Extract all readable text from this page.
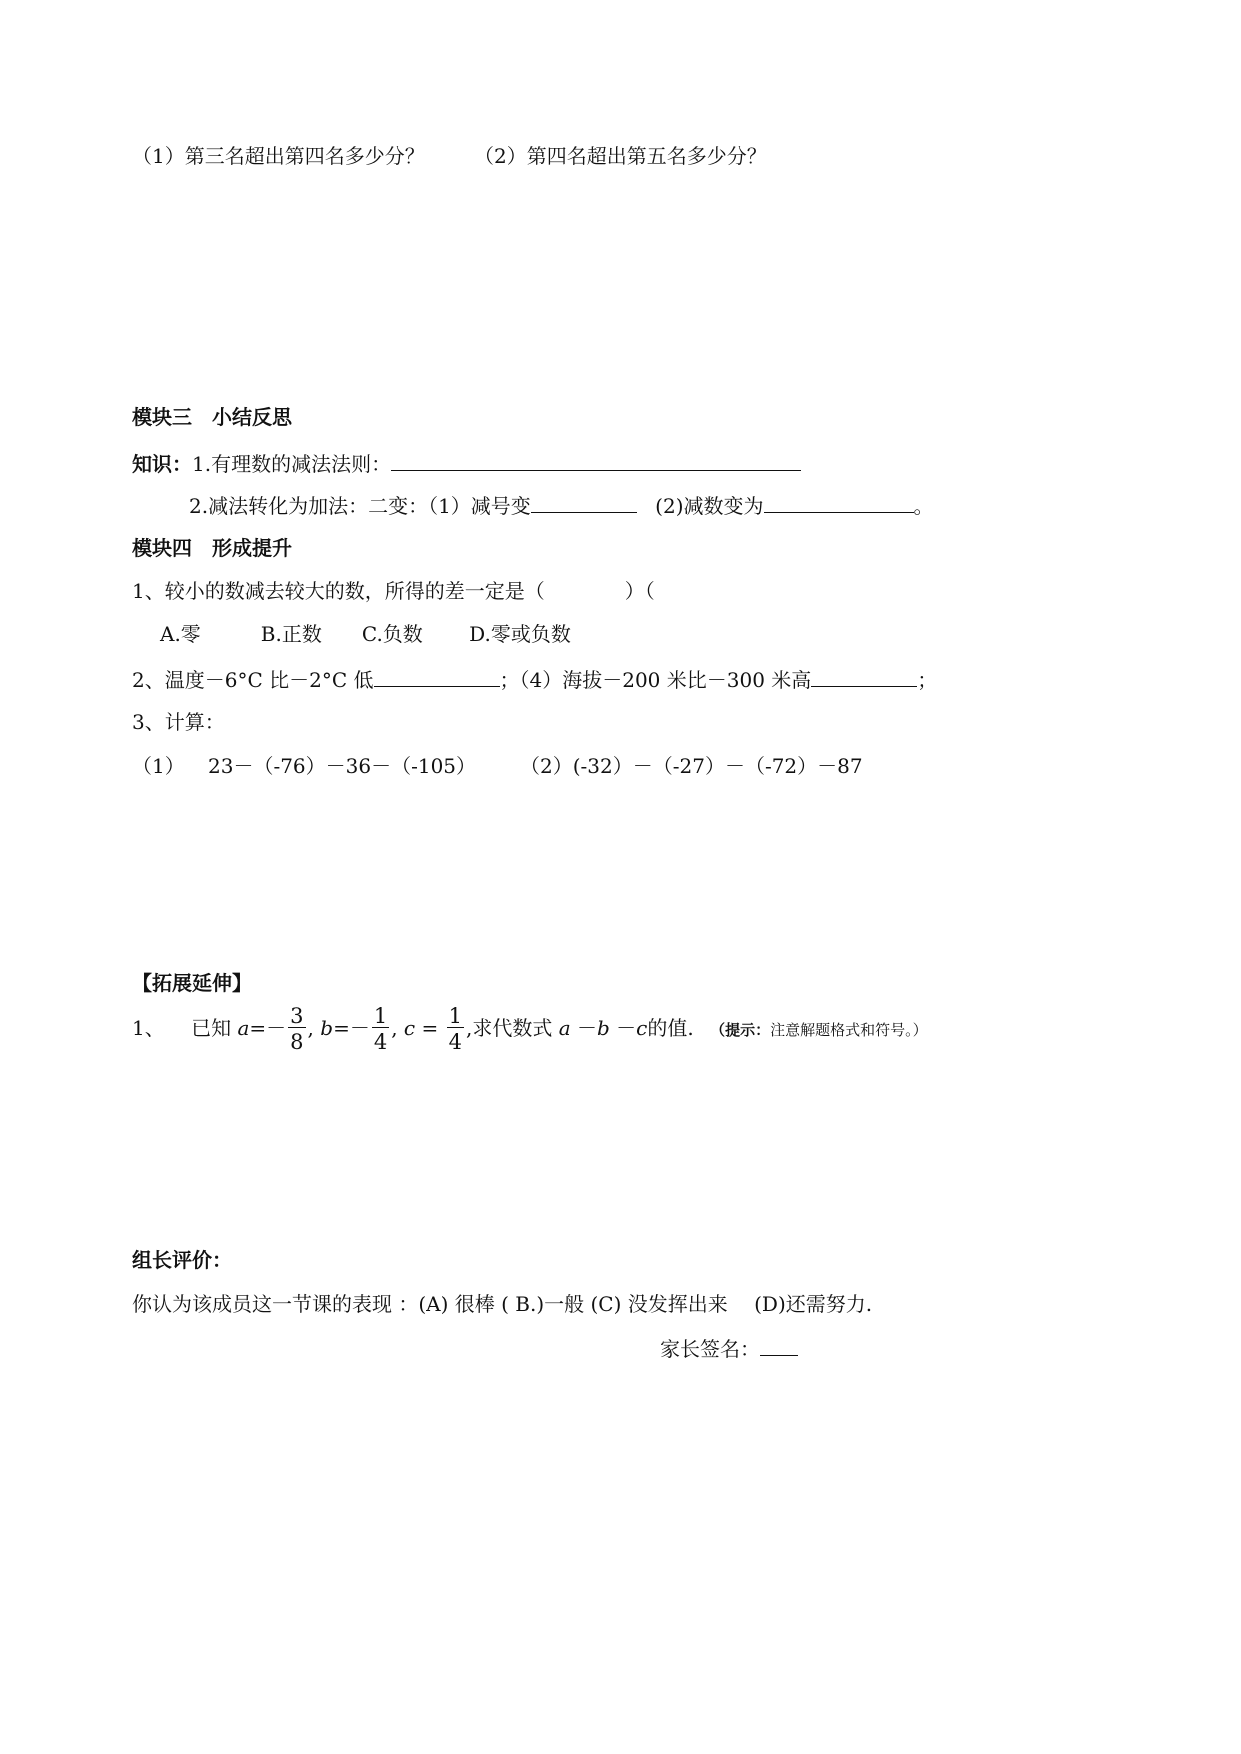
（1）第三名超出第四名多少分？ （2）第四名超出第五名多少分？
模块三　小结反思
知识：1.有理数的减法法则：
2.减法转化为加法：二变：（1）减号变	(2)减数变为	。
模块四　形成提升
1、较小的数减去较大的数，所得的差一定是（　　　　）（
A.零　　　B.正数　　C.负数　　 D.零或负数
2、温度－6°C 比－2°C 低	；（4）海拔－200 米比－300 米高	；
3、计算：
（1） 23－（-76）－36－（-105） （2）(-32）－（-27）－（-72）－87
【拓展延伸】
1、 已知 $a=- \frac{3}{8}$ , $b=- \frac{1}{4}$ , $c = \frac{1}{4}$ ,求代数式 a －b －c的值. （提示：注意解题格式和符号。）
组长评价：
你认为该成员这一节课的表现 ：(A) 很棒 ( B.)一般 (C) 没发挥出来　 (D)还需努力.
家长签名：
